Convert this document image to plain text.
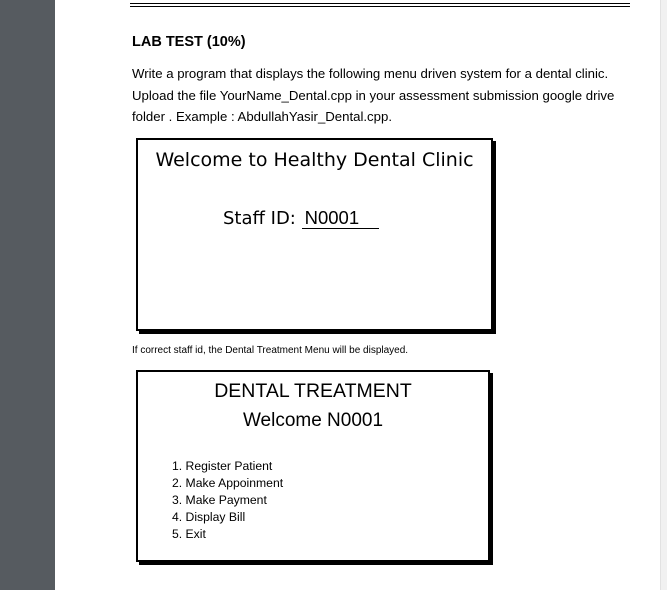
LAB TEST (10%)
Write a program that displays the following menu driven system for a dental clinic. Upload the file YourName_Dental.cpp in your assessment submission google drive folder . Example : AbdullahYasir_Dental.cpp.
Welcome to Healthy Dental Clinic
Staff ID: N0001
If correct staff id, the Dental Treatment Menu will be displayed.
DENTAL TREATMENT
Welcome N0001
1. Register Patient
2. Make Appoinment
3. Make Payment
4. Display Bill
5. Exit
